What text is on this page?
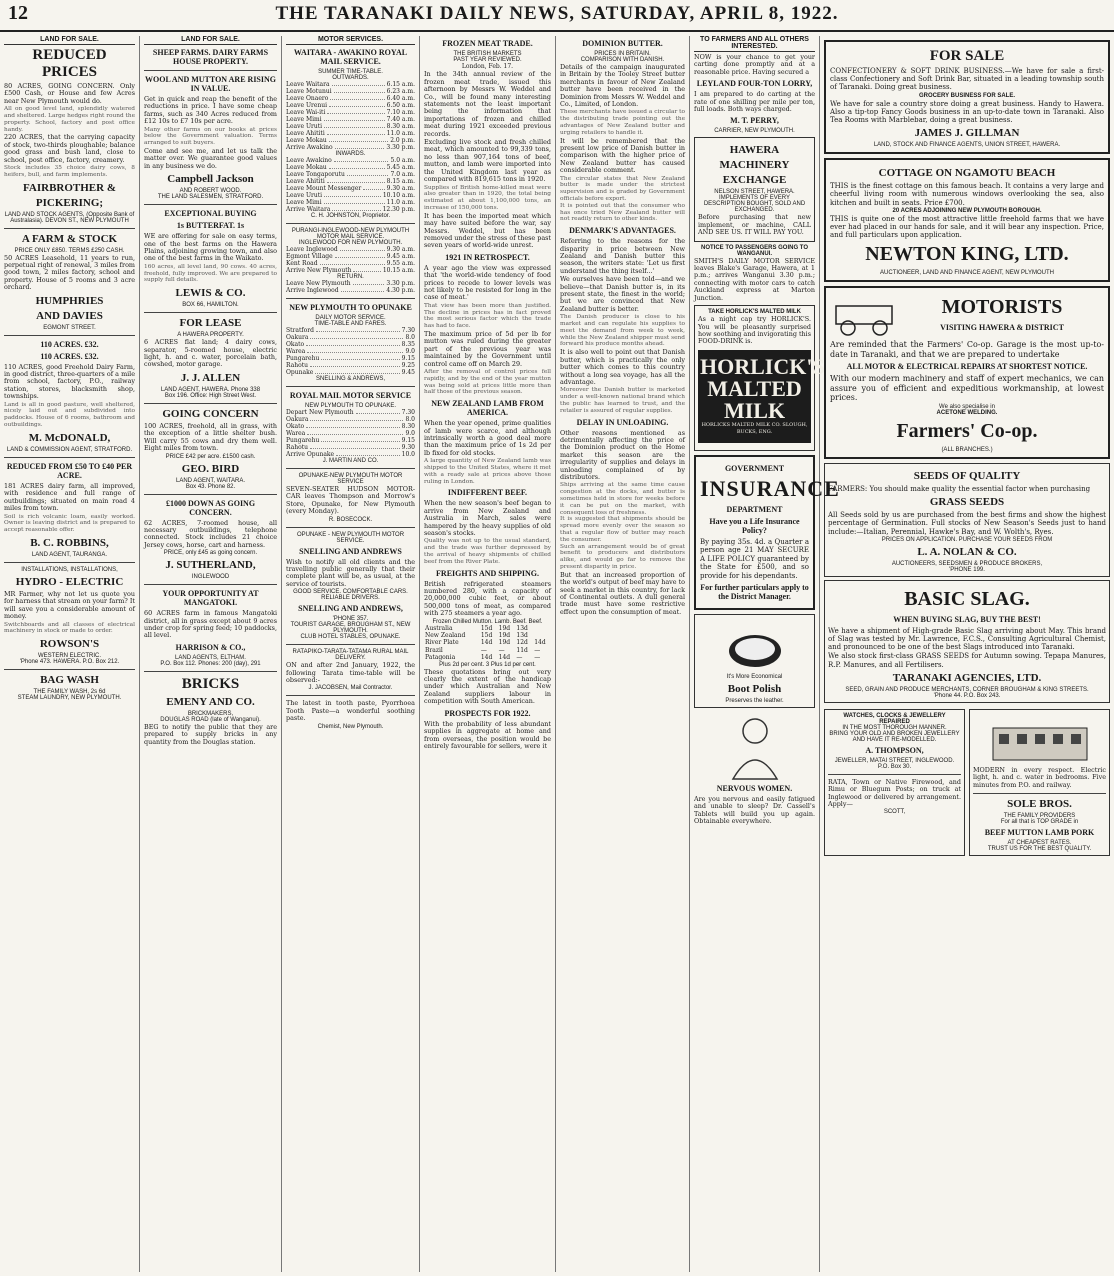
12	THE TARANAKI DAILY NEWS, SATURDAY, APRIL 8, 1922.
LAND FOR SALE.
REDUCED PRICES

80 ACRES, GOING CONCERN. Only £500 Cash, or House and few Acres near New Plymouth would do.

All on good level land, splendidly watered and sheltered. Large hedges right round the property. School, factory and post office handy.

220 ACRES, that the carrying capacity of stock, two-thirds ploughable; balance good grass and bush land, close to school, post office, factory, creamery.

Stock includes 35 choice dairy cows, 8 heifers, bull, and farm implements.
FAIRBROTHER &
PICKERING;
LAND AND STOCK AGENTS, (Opposite Bank of Australasia). DEVON ST., NEW PLYMOUTH
A FARM & STOCK
PRICE ONLY £850. TERMS £250 CASH.

50 ACRES Leasehold, 11 years to run, perpetual right of renewal, 3 miles from good town, 2 miles factory, school and property. House of 5 rooms and 3 acre orchard.

HUMPHRIES
AND DAVIES
EGMONT STREET.
110 ACRES. £32.
110 ACRES. £32.

110 ACRES, good Freehold Dairy Farm, in good district, three-quarters of a mile from school, factory, P.O., railway station, stores, blacksmith shop, townships.

Land is all in good pasture, well sheltered, nicely laid out and subdivided into paddocks. House of 6 rooms, bathroom and outbuildings.
M. McDONALD,
LAND & COMMISSION AGENT, STRATFORD.
REDUCED FROM £50 TO £40 PER ACRE.

181 ACRES dairy farm, all improved, with residence and full range of outbuildings; situated on main road 4 miles from town.

Soil is rich volcanic loam, easily worked. Owner is leaving district and is prepared to accept reasonable offer.
B. C. ROBBINS,
LAND AGENT, TAURANGA.
INSTALLATIONS, INSTALLATIONS,
HYDRO - ELECTRIC

MR Farmer, why not let us quote you for harness that stream on your farm? It will save you a considerable amount of money.

Switchboards and all classes of electrical machinery in stock or made to order.
ROWSON'S
WESTERN ELECTRIC.
'Phone 473. HAWERA. P.O. Box 212.
BAG WASH
THE FAMILY WASH, 2s 6d
STEAM LAUNDRY, NEW PLYMOUTH.
LAND FOR SALE.
SHEEP FARMS. DAIRY FARMS HOUSE PROPERTY.
WOOL AND MUTTON ARE RISING IN VALUE.

Get in quick and reap the benefit of the reductions in price. I have some cheap farms, such as 340 Acres reduced from £12 10s to £7 10s per acre.

Many other farms on our books at prices below the Government valuation. Terms arranged to suit buyers.

Come and see me, and let us talk the matter over. We guarantee good values in any business we do.

Campbell Jackson
AND ROBERT WOOD.
THE LAND SALESMEN, STRATFORD.
EXCEPTIONAL BUYING
1s BUTTERFAT. 1s

WE are offering for sale on easy terms, one of the best farms on the Hawera Plains, adjoining growing town, and also one of the best farms in the Waikato.

160 acres, all level land, 90 cows. 40 acres, freehold, fully improved. We are prepared to supply full details.
LEWIS & CO.
BOX 66, HAMILTON.
FOR LEASE
A HAWERA PROPERTY.

6 ACRES flat land; 4 dairy cows, separator, 5-roomed house, electric light, h. and c. water, porcelain bath, cowshed, motor garage.

J. J. ALLEN
LAND AGENT, HAWERA. Phone 338
Box 196. Office: High Street West.
GOING CONCERN

100 ACRES, freehold, all in grass, with the exception of a little shelter bush. Will carry 55 cows and dry them well. Eight miles from town.

PRICE £42 per acre. £1500 cash.
GEO. BIRD
LAND AGENT, WAITARA.
Box 43. Phone 82.
£1000 DOWN AS GOING CONCERN.

62 ACRES, 7-roomed house, all necessary outbuildings, telephone connected. Stock includes 21 choice Jersey cows, horse, cart and harness.

PRICE, only £45 as going concern.
J. SUTHERLAND,
INGLEWOOD
YOUR OPPORTUNITY AT MANGATOKI.

60 ACRES farm in famous Mangatoki district, all in grass except about 9 acres under crop for spring feed; 10 paddocks, all level.

HARRISON & CO.,
LAND AGENTS, ELTHAM.
P.O. Box 112. Phones: 200 (day), 291
BRICKS
EMENY AND CO.
BRICKMAKERS,
DOUGLAS ROAD (late of Wanganui).

BEG to notify the public that they are prepared to supply bricks in any quantity from the Douglas station.

MOTOR SERVICES.
WAITARA - AWAKINO ROYAL MAIL SERVICE.
SUMMER TIME-TABLE.
OUTWARDS.
Leave Waitara	6.15 a.m.
Leave Motunui	6.23 a.m.
Leave Onaero	6.40 a.m.
Leave Urenui	6.50 a.m.
Leave Wai-iti	7.10 a.m.
Leave Mimi	7.40 a.m.
Leave Uruti	8.30 a.m.
Leave Ahititi	11.0 a.m.
Leave Mokau	2.0 p.m.
Arrive Awakino	3.30 p.m.
INWARDS.
Leave Awakino	5.0 a.m.
Leave Mokau	5.45 a.m.
Leave Tongaporutu	7.0 a.m.
Leave Ahititi	8.15 a.m.
Leave Mount Messenger	9.30 a.m.
Leave Uruti	10.10 a.m.
Leave Mimi	11.0 a.m.
Arrive Waitara	12.30 p.m.
C. H. JOHNSTON, Proprietor.
PURANGI-INGLEWOOD-NEW PLYMOUTH MOTOR MAIL SERVICE.
INGLEWOOD FOR NEW PLYMOUTH.
Leave Inglewood	9.30 a.m.
Egmont Village	9.45 a.m.
Kent Road	9.55 a.m.
Arrive New Plymouth	10.15 a.m.
RETURN.
Leave New Plymouth	3.30 p.m.
Arrive Inglewood	4.30 p.m.
NEW PLYMOUTH TO OPUNAKE
DAILY MOTOR SERVICE.
TIME-TABLE AND FARES.
Stratford	7.30
Oakura	8.0
Okato	8.35
Warea	9.0
Pungarehu	9.15
Rahotu	9.25
Opunake	9.45
SNELLING & ANDREWS,
ROYAL MAIL MOTOR SERVICE
NEW PLYMOUTH TO OPUNAKE.
Depart New Plymouth	7.30
Oakura	8.0
Okato	8.30
Warea	9.0
Pungarehu	9.15
Rahotu	9.30
Arrive Opunake	10.0
J. MARTIN AND CO.
OPUNAKE-NEW PLYMOUTH MOTOR SERVICE

SEVEN-SEATER HUDSON MOTOR-CAR leaves Thompson and Morrow's Store, Opunake, for New Plymouth (every Monday).

R. BOSECOCK.
OPUNAKE - NEW PLYMOUTH MOTOR SERVICE.
SNELLING AND ANDREWS

Wish to notify all old clients and the travelling public generally that their complete plant will be, as usual, at the service of tourists.

GOOD SERVICE. COMFORTABLE CARS. RELIABLE DRIVERS.
SNELLING AND ANDREWS,
'PHONE 357.
TOURIST GARAGE, BROUGHAM ST., NEW PLYMOUTH.
CLUB HOTEL STABLES, OPUNAKE.
RATAPIKO-TARATA-TATAMA RURAL MAIL DELIVERY.

ON and after 2nd January, 1922, the following Tarata time-table will be observed:-

J. JACOBSEN, Mail Contractor.

The latest in tooth paste, Pyorrhoea Tooth Paste—a wonderful soothing paste.

Chemist, New Plymouth.
FROZEN MEAT TRADE.
THE BRITISH MARKETS
PAST YEAR REVIEWED.
London, Feb. 17.

In the 34th annual review of the frozen meat trade, issued this afternoon by Messrs W. Weddel and Co., will be found many interesting statements not the least important being the information that importations of frozen and chilled meat during 1921 exceeded previous records.

Excluding live stock and fresh chilled meat, which amounted to 99,339 tons, no less than 907,164 tons of beef, mutton, and lamb were imported into the United Kingdom last year as compared with 819,615 tons in 1920.

Supplies of British home-killed meat were also greater than in 1920, the total being estimated at about 1,100,000 tons, an increase of 150,000 tons.

It has been the imported meat which may have suited before the war, say Messrs. Weddel, but has been removed under the stress of these past seven years of world-wide unrest.

1921 IN RETROSPECT.

A year ago the view was expressed that 'the world-wide tendency of food prices to recede to lower levels was not likely to be resisted for long in the case of meat.'

That view has been more than justified. The decline in prices has in fact proved the most serious factor which the trade has had to face.

The maximum price of 5d per lb for mutton was ruled during the greater part of the previous year was maintained by the Government until control came off on March 29.

After the removal of control prices fell rapidly, and by the end of the year mutton was being sold at prices little more than half those of the previous season.
NEW ZEALAND LAMB FROM AMERICA.

When the year opened, prime qualities of lamb were scarce, and although intrinsically worth a good deal more than the maximum price of 1s 2d per lb fixed for old stocks.

A large quantity of New Zealand lamb was shipped to the United States, where it met with a ready sale at prices above those ruling in London.
INDIFFERENT BEEF.

When the new season's beef began to arrive from New Zealand and Australia in March, sales were hampered by the heavy supplies of old season's stocks.

Quality was not up to the usual standard, and the trade was further depressed by the arrival of heavy shipments of chilled beef from the River Plate.
FREIGHTS AND SHIPPING.

British refrigerated steamers numbered 280, with a capacity of 20,000,000 cubic feet, or about 500,000 tons of meat, as compared with 275 steamers a year ago.

Frozen Chilled Mutton. Lamb. Beef. Beef.
Australia	15d	19d	13d	
New Zealand	15d	19d	13d	
River Plate	14d	19d	12d	14d
Brazil	—	—	11d	—
Patagonia	14d	14d	—	—
Plus 2d per cent. 3 Plus 1d per cent.

These quotations bring out very clearly the extent of the handicap under which Australian and New Zealand suppliers labour in competition with South American.

PROSPECTS FOR 1922.

With the probability of less abundant supplies in aggregate at home and from overseas, the position would be entirely favourable for sellers, were it

DOMINION BUTTER.
PRICES IN BRITAIN.
COMPARISON WITH DANISH.

Details of the campaign inaugurated in Britain by the Tooley Street butter merchants in favour of New Zealand butter have been received in the Dominion from Messrs W. Weddel and Co., Limited, of London.

These merchants have issued a circular to the distributing trade pointing out the advantages of New Zealand butter and urging retailers to handle it.

It will be remembered that the present low price of Danish butter in comparison with the higher price of New Zealand butter has caused considerable comment.

The circular states that New Zealand butter is made under the strictest supervision and is graded by Government officials before export.
It is pointed out that the consumer who has once tried New Zealand butter will not readily return to other kinds.
DENMARK'S ADVANTAGES.

Referring to the reasons for the disparity in price between New Zealand and Danish butter this season, the writers state: 'Let us first understand the thing itself...'

We ourselves have been told—and we believe—that Danish butter is, in its present state, the finest in the world; but we are convinced that New Zealand butter is better.

The Danish producer is close to his market and can regulate his supplies to meet the demand from week to week, while the New Zealand shipper must send forward his produce months ahead.

It is also well to point out that Danish butter, which is practically the only butter which comes to this country without a long sea voyage, has all the advantage.

Moreover the Danish butter is marketed under a well-known national brand which the public has learned to trust, and the retailer is assured of regular supplies.
DELAY IN UNLOADING.

Other reasons mentioned as detrimentally affecting the price of the Dominion product on the Home market this season are the irregularity of supplies and delays in unloading complained of by distributors.

Ships arriving at the same time cause congestion at the docks, and butter is sometimes held in store for weeks before it can be put on the market, with consequent loss of freshness.
It is suggested that shipments should be spread more evenly over the season so that a regular flow of butter may reach the consumer.
Such an arrangement would be of great benefit to producers and distributors alike, and would go far to remove the present disparity in price.

But that an increased proportion of the world's output of beef may have to seek a market in this country, for lack of Continental outlets. A dull general trade must have some restrictive effect upon the consumption of meat.

TO FARMERS AND ALL OTHERS INTERESTED.

NOW is your chance to get your carting done promptly and at a reasonable price. Having secured a

LEYLAND FOUR-TON LORRY,

I am prepared to do carting at the rate of one shilling per mile per ton, full loads. Both ways charged.

M. T. PERRY,
CARRIER, NEW PLYMOUTH.
HAWERA
MACHINERY
EXCHANGE
NELSON STREET, HAWERA. IMPLEMENTS OF EVERY DESCRIPTION BOUGHT, SOLD AND EXCHANGED.

Before purchasing that new implement, or machine, CALL AND SEE US. IT WILL PAY YOU.

NOTICE TO PASSENGERS GOING TO WANGANUI.

SMITH'S DAILY MOTOR SERVICE leaves Blake's Garage, Hawera, at 1 p.m.; arrives Wanganui 3.30 p.m.; connecting with motor cars to catch Auckland express at Marton Junction.

TAKE HORLICK'S MALTED MILK

As a night cap try HORLICK'S. You will be pleasantly surprised how soothing and invigorating this FOOD-DRINK is.

HORLICK'S
MALTED
MILK
HORLICKS MALTED MILK CO. SLOUGH, BUCKS, ENG.
GOVERNMENT
INSURANCE
DEPARTMENT
Have you a Life Insurance Policy?

By paying 35s. 4d. a Quarter a person age 21 MAY SECURE A LIFE POLICY guaranteed by the State for £500, and so provide for his dependants.

For further particulars apply to the District Manager.
It's More Economical
Boot Polish
Preserves the leather.
NERVOUS WOMEN.

Are you nervous and easily fatigued and unable to sleep? Dr. Cassell's Tablets will build you up again. Obtainable everywhere.

FOR SALE

CONFECTIONERY & SOFT DRINK BUSINESS.—We have for sale a first-class Confectionery and Soft Drink Bar, situated in a leading township south of Taranaki. Doing great business.

GROCERY BUSINESS FOR SALE.

We have for sale a country store doing a great business. Handy to Hawera. Also a tip-top Fancy Goods business in an up-to-date town in Taranaki. Also Tea Rooms with Marblebar, doing a great business.

JAMES J. GILLMAN
LAND, STOCK AND FINANCE AGENTS, UNION STREET, HAWERA.
COTTAGE ON NGAMOTU BEACH

THIS is the finest cottage on this famous beach. It contains a very large and cheerful living room with numerous windows overlooking the sea, also kitchen and built in seats. Price £700.

20 ACRES ADJOINING NEW PLYMOUTH BOROUGH.

THIS is quite one of the most attractive little freehold farms that we have ever had placed in our hands for sale, and it will bear any inspection. Price, and full particulars upon application.

NEWTON KING, LTD.
AUCTIONEER, LAND AND FINANCE AGENT, NEW PLYMOUTH
MOTORISTS
VISITING HAWERA & DISTRICT

Are reminded that the Farmers' Co-op. Garage is the most up-to-date in Taranaki, and that we are prepared to undertake

ALL MOTOR & ELECTRICAL REPAIRS AT SHORTEST NOTICE.

With our modern machinery and staff of expert mechanics, we can assure you of efficient and expeditious workmanship, at lowest prices.

We also specialise in
ACETONE WELDING.
Farmers' Co-op.
(ALL BRANCHES.)
SEEDS OF QUALITY

FARMERS: You should make quality the essential factor when purchasing

GRASS SEEDS

All Seeds sold by us are purchased from the best firms and show the highest percentage of Germination. Full stocks of New Season's Seeds just to hand include:—Italian, Perennial, Hawke's Bay, and W. Wolth's, Ryes.

PRICES ON APPLICATION. PURCHASE YOUR SEEDS FROM
L. A. NOLAN & CO.
AUCTIONEERS, SEEDSMEN & PRODUCE BROKERS,
'PHONE 199.
BASIC SLAG.
WHEN BUYING SLAG, BUY THE BEST!

We have a shipment of High-grade Basic Slag arriving about May. This brand of Slag was tested by Mr. Lawrence, F.C.S., Consulting Agricultural Chemist, and pronounced to be one of the best Slags introduced into Taranaki.

We also stock first-class GRASS SEEDS for Autumn sowing. Tepapa Manures, R.P. Manures, and all Fertilisers.

TARANAKI AGENCIES, LTD.
SEED, GRAIN AND PRODUCE MERCHANTS, CORNER BROUGHAM & KING STREETS.
'Phone 44. P.O. Box 243.
WATCHES, CLOCKS & JEWELLERY REPAIRED
IN THE MOST THOROUGH MANNER.
BRING YOUR OLD AND BROKEN JEWELLERY AND HAVE IT RE-MODELLED.
A. THOMPSON,
JEWELLER, MATAI STREET, INGLEWOOD.
P.O. Box 30.

RATA, Town or Native Firewood, and Rimu or Bluegum Posts; on truck at Inglewood or delivered by arrangement. Apply—

SCOTT,

MODERN in every respect. Electric light, h. and c. water in bedrooms. Five minutes from P.O. and railway.

SOLE BROS.
THE FAMILY PROVIDERS
For all that is TOP GRADE in
BEEF MUTTON LAMB PORK
AT CHEAPEST RATES.
TRUST US FOR THE BEST QUALITY.
